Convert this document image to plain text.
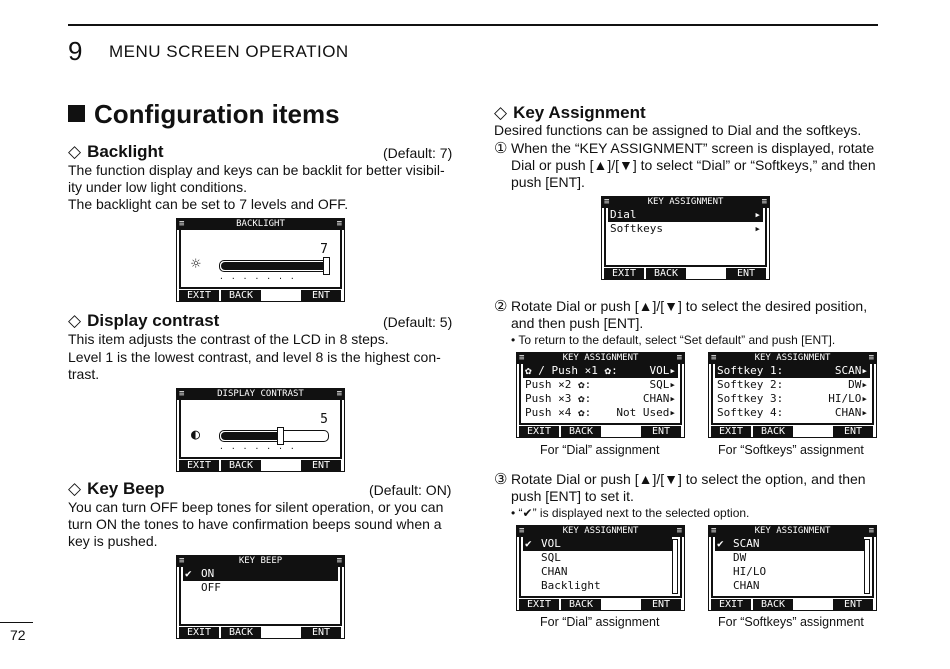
9 MENU SCREEN OPERATION
Configuration items
◇ Backlight	(Default: 7)
The function display and keys can be backlit for better visibil-ity under low light conditions.
The backlight can be set to 7 levels and OFF.
≡	BACKLIGHT	≡
7
☼
·······
EXIT	BACK	ENT
◇ Display contrast	(Default: 5)
This item adjusts the contrast of the LCD in 8 steps.
Level 1 is the lowest contrast, and level 8 is the highest con-trast.
≡	DISPLAY CONTRAST	≡
5
◐
·······
EXIT	BACK	ENT
◇ Key Beep	(Default: ON)
You can turn OFF beep tones for silent operation, or you can turn ON the tones to have confirmation beeps sound when a key is pushed.
≡	KEY BEEP	≡
✔ ON
OFF
EXIT	BACK	ENT
◇ Key Assignment
Desired functions can be assigned to Dial and the softkeys.
① When the “KEY ASSIGNMENT” screen is displayed, rotate Dial or push [▲]/[▼] to select “Dial” or “Softkeys,” and then push [ENT].
≡	KEY ASSIGNMENT	≡
Dial	▸
Softkeys	▸
EXIT	BACK	ENT
② Rotate Dial or push [▲]/[▼] to select the desired position, and then push [ENT].
• To return to the default, select “Set default” and push [ENT].
≡	KEY ASSIGNMENT	≡
✿ / Push ×1 ✿:	VOL▸
Push ×2 ✿:	SQL▸
Push ×3 ✿:	CHAN▸
Push ×4 ✿: Not Used▸
EXIT	BACK	ENT
For “Dial” assignment
≡	KEY ASSIGNMENT	≡
Softkey 1:	SCAN▸
Softkey 2:	DW▸
Softkey 3:	HI/LO▸
Softkey 4:	CHAN▸
EXIT	BACK	ENT
For “Softkeys” assignment
③ Rotate Dial or push [▲]/[▼] to select the option, and then push [ENT] to set it.
• “✔” is displayed next to the selected option.
≡	KEY ASSIGNMENT	≡
✔ VOL
SQL
CHAN
Backlight
EXIT	BACK	ENT
For “Dial” assignment
≡	KEY ASSIGNMENT	≡
✔ SCAN
DW
HI/LO
CHAN
EXIT	BACK	ENT
For “Softkeys” assignment
72
